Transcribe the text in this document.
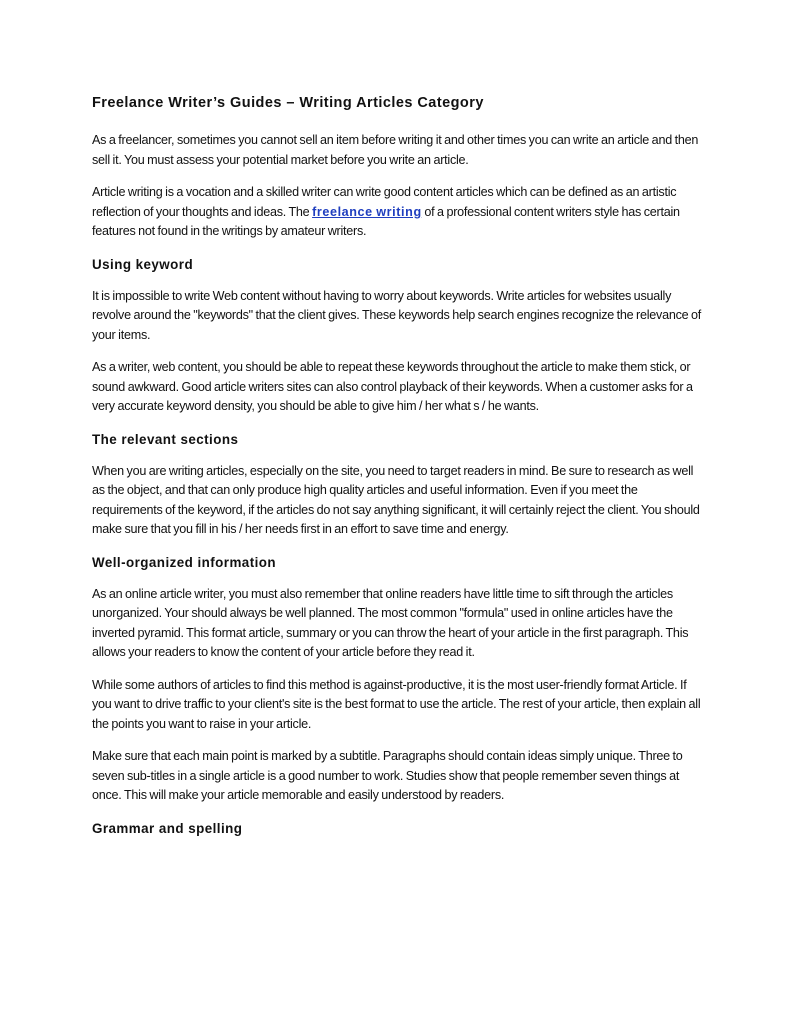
Freelance Writer’s Guides – Writing Articles Category

As a freelancer, sometimes you cannot sell an item before writing it and other times you can write an article and then sell it. You must assess your potential market before you write an article.

Article writing is a vocation and a skilled writer can write good content articles which can be defined as an artistic reflection of your thoughts and ideas. The freelance writing of a professional content writers style has certain features not found in the writings by amateur writers.

Using keyword

It is impossible to write Web content without having to worry about keywords. Write articles for websites usually revolve around the "keywords" that the client gives. These keywords help search engines recognize the relevance of your items.

As a writer, web content, you should be able to repeat these keywords throughout the article to make them stick, or sound awkward. Good article writers sites can also control playback of their keywords. When a customer asks for a very accurate keyword density, you should be able to give him / her what s / he wants.

The relevant sections

When you are writing articles, especially on the site, you need to target readers in mind. Be sure to research as well as the object, and that can only produce high quality articles and useful information. Even if you meet the requirements of the keyword, if the articles do not say anything significant, it will certainly reject the client. You should make sure that you fill in his / her needs first in an effort to save time and energy.

Well-organized information

As an online article writer, you must also remember that online readers have little time to sift through the articles unorganized. Your should always be well planned. The most common "formula" used in online articles have the inverted pyramid. This format article, summary or you can throw the heart of your article in the first paragraph. This allows your readers to know the content of your article before they read it.

While some authors of articles to find this method is against-productive, it is the most user-friendly format Article. If you want to drive traffic to your client's site is the best format to use the article. The rest of your article, then explain all the points you want to raise in your article.

Make sure that each main point is marked by a subtitle. Paragraphs should contain ideas simply unique. Three to seven sub-titles in a single article is a good number to work. Studies show that people remember seven things at once. This will make your article memorable and easily understood by readers.

Grammar and spelling
